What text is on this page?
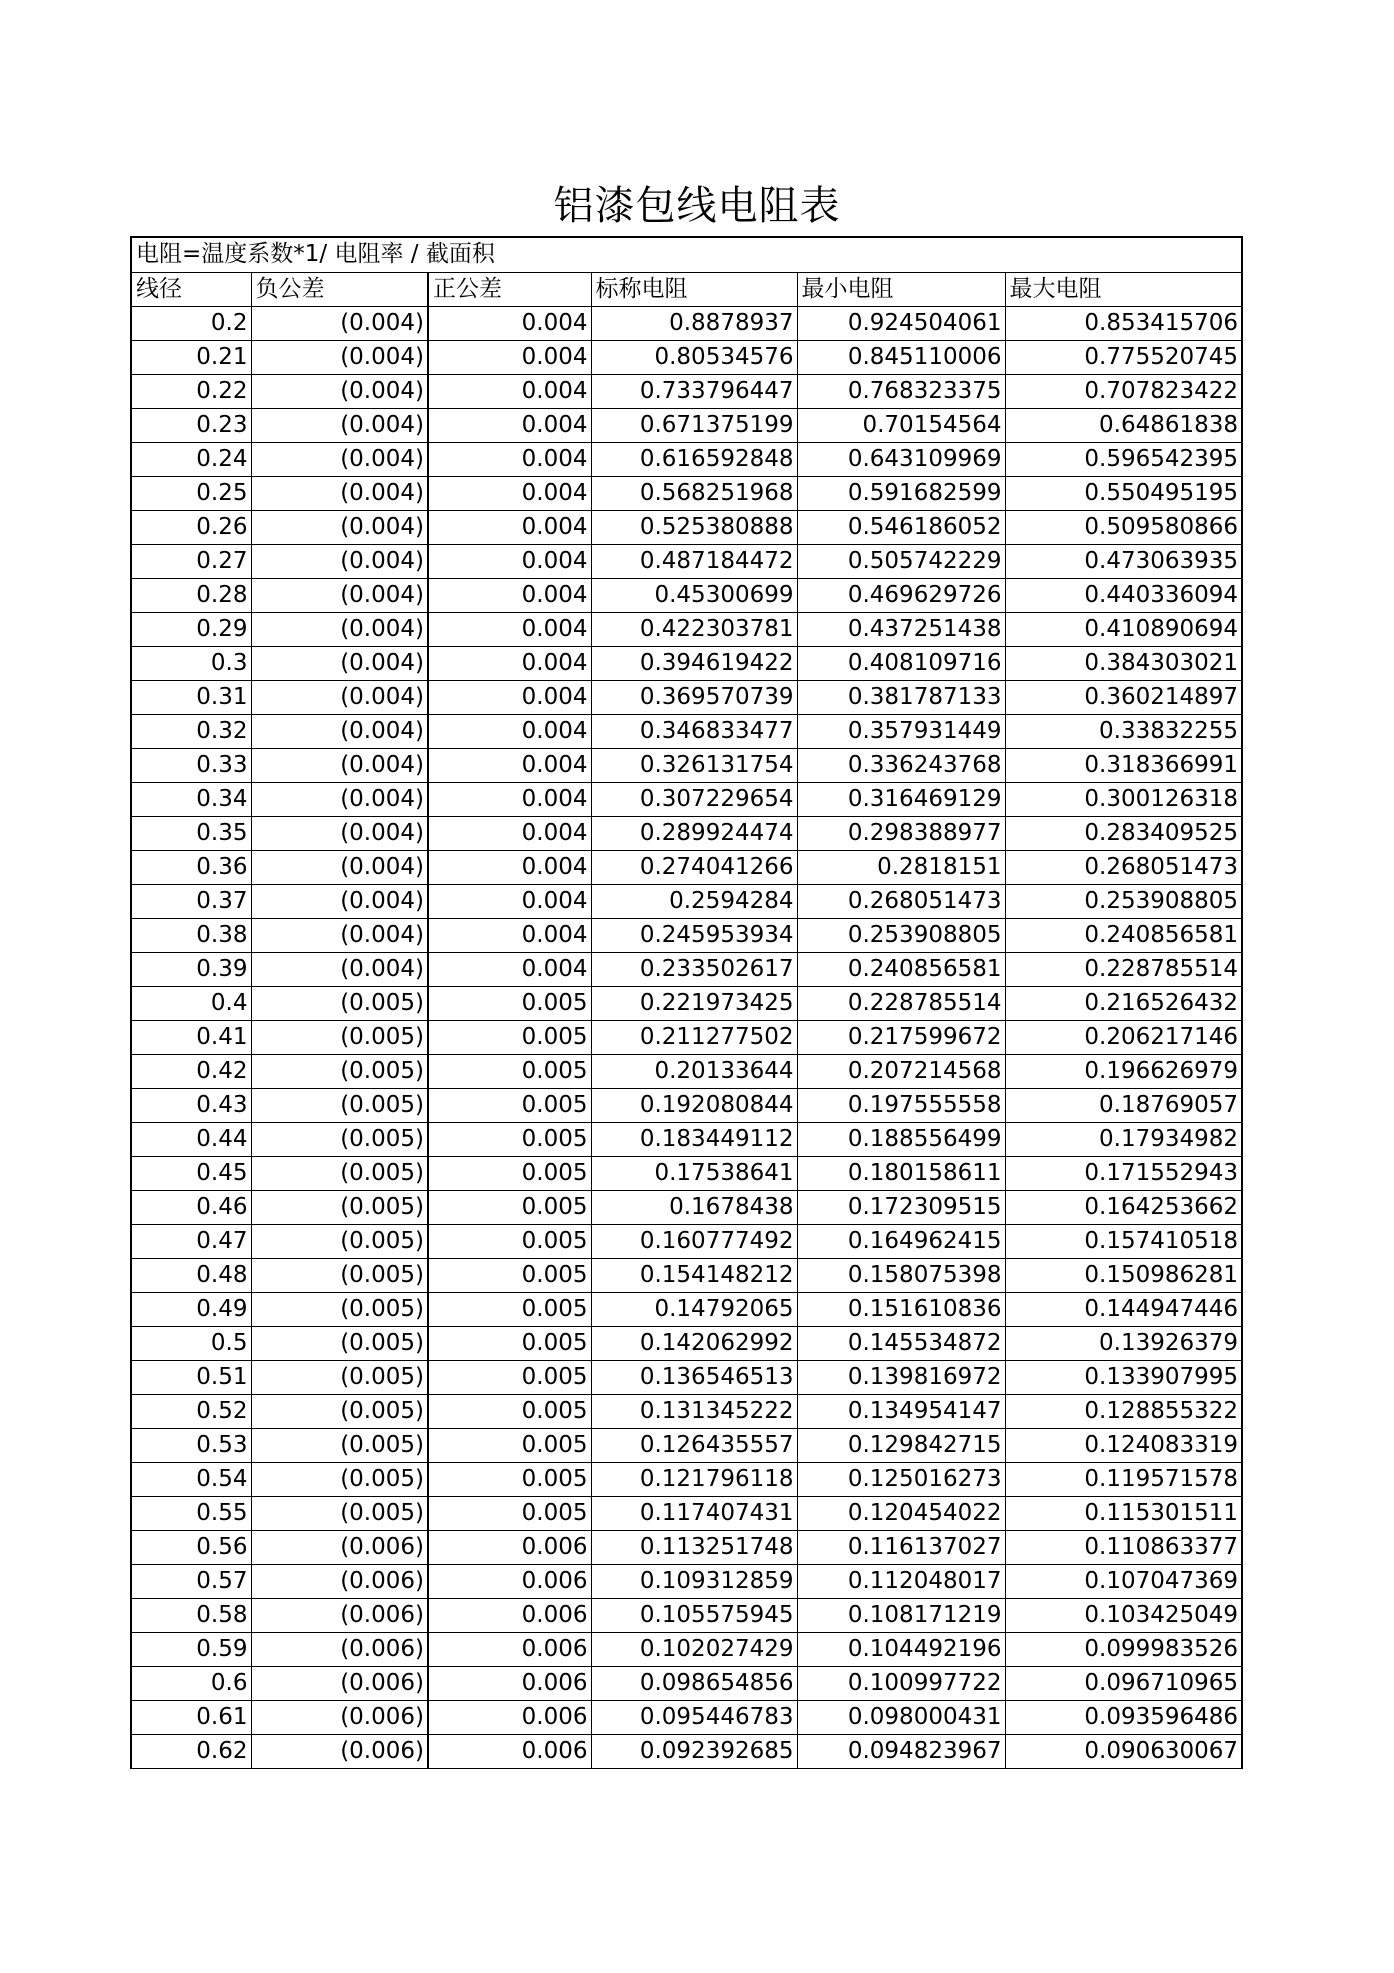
铝漆包线电阻表
电阻=温度系数*1/ 电阻率 / 截面积					
线径	负公差	正公差	标称电阻	最小电阻	最大电阻
0.2	(0.004)	0.004	0.8878937	0.924504061	0.853415706
0.21	(0.004)	0.004	0.80534576	0.845110006	0.775520745
0.22	(0.004)	0.004	0.733796447	0.768323375	0.707823422
0.23	(0.004)	0.004	0.671375199	0.70154564	0.64861838
0.24	(0.004)	0.004	0.616592848	0.643109969	0.596542395
0.25	(0.004)	0.004	0.568251968	0.591682599	0.550495195
0.26	(0.004)	0.004	0.525380888	0.546186052	0.509580866
0.27	(0.004)	0.004	0.487184472	0.505742229	0.473063935
0.28	(0.004)	0.004	0.45300699	0.469629726	0.440336094
0.29	(0.004)	0.004	0.422303781	0.437251438	0.410890694
0.3	(0.004)	0.004	0.394619422	0.408109716	0.384303021
0.31	(0.004)	0.004	0.369570739	0.381787133	0.360214897
0.32	(0.004)	0.004	0.346833477	0.357931449	0.33832255
0.33	(0.004)	0.004	0.326131754	0.336243768	0.318366991
0.34	(0.004)	0.004	0.307229654	0.316469129	0.300126318
0.35	(0.004)	0.004	0.289924474	0.298388977	0.283409525
0.36	(0.004)	0.004	0.274041266	0.2818151	0.268051473
0.37	(0.004)	0.004	0.2594284	0.268051473	0.253908805
0.38	(0.004)	0.004	0.245953934	0.253908805	0.240856581
0.39	(0.004)	0.004	0.233502617	0.240856581	0.228785514
0.4	(0.005)	0.005	0.221973425	0.228785514	0.216526432
0.41	(0.005)	0.005	0.211277502	0.217599672	0.206217146
0.42	(0.005)	0.005	0.20133644	0.207214568	0.196626979
0.43	(0.005)	0.005	0.192080844	0.197555558	0.18769057
0.44	(0.005)	0.005	0.183449112	0.188556499	0.17934982
0.45	(0.005)	0.005	0.17538641	0.180158611	0.171552943
0.46	(0.005)	0.005	0.1678438	0.172309515	0.164253662
0.47	(0.005)	0.005	0.160777492	0.164962415	0.157410518
0.48	(0.005)	0.005	0.154148212	0.158075398	0.150986281
0.49	(0.005)	0.005	0.14792065	0.151610836	0.144947446
0.5	(0.005)	0.005	0.142062992	0.145534872	0.13926379
0.51	(0.005)	0.005	0.136546513	0.139816972	0.133907995
0.52	(0.005)	0.005	0.131345222	0.134954147	0.128855322
0.53	(0.005)	0.005	0.126435557	0.129842715	0.124083319
0.54	(0.005)	0.005	0.121796118	0.125016273	0.119571578
0.55	(0.005)	0.005	0.117407431	0.120454022	0.115301511
0.56	(0.006)	0.006	0.113251748	0.116137027	0.110863377
0.57	(0.006)	0.006	0.109312859	0.112048017	0.107047369
0.58	(0.006)	0.006	0.105575945	0.108171219	0.103425049
0.59	(0.006)	0.006	0.102027429	0.104492196	0.099983526
0.6	(0.006)	0.006	0.098654856	0.100997722	0.096710965
0.61	(0.006)	0.006	0.095446783	0.098000431	0.093596486
0.62	(0.006)	0.006	0.092392685	0.094823967	0.090630067
